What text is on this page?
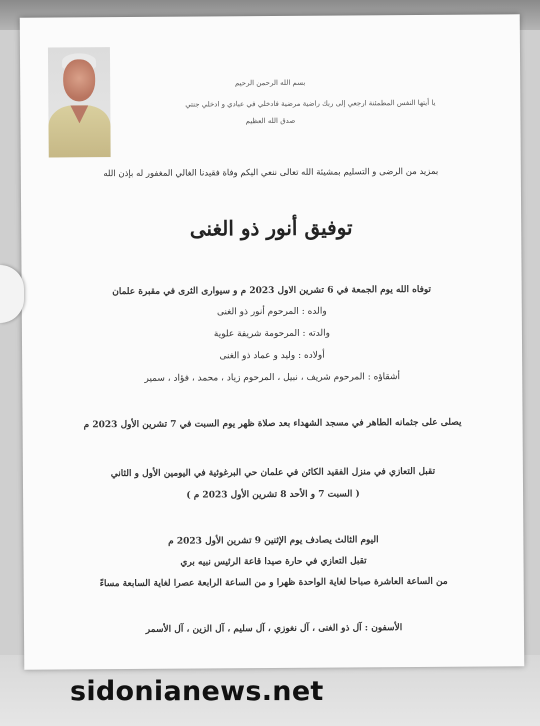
بسم الله الرحمن الرحيم
يا أيتها النفس المطمئنة ارجعي إلى ربك راضية مرضية فادخلي في عبادي و ادخلي جنتي
صدق الله العظيم
بمزيد من الرضى و التسليم بمشيئة الله تعالى ننعي اليكم وفاة فقيدنا الغالي المغفور له بإذن الله
توفيق أنور ذو الغنى
توفاه الله يوم الجمعة في 6 تشرين الاول 2023 م و سيوارى الثرى في مقبرة علمان
والده : المرحوم أنور ذو الغنى
والدته : المرحومة شريفة علوية
أولاده : وليد و عماد ذو الغنى
أشقاؤه : المرحوم شريف ، نبيل ، المرحوم زياد ، محمد ، فؤاد ، سمير
يصلى على جثمانه الطاهر في مسجد الشهداء بعد صلاة ظهر يوم السبت في 7 تشرين الأول 2023 م
تقبل التعازي في منزل الفقيد الكائن في علمان حي البرغوثية في اليومين الأول و الثاني
( السبت 7 و الأحد 8 تشرين الأول 2023 م )
اليوم الثالث يصادف يوم الإثنين 9 تشرين الأول 2023 م
تقبل التعازي في حارة صيدا قاعة الرئيس نبيه بري
من الساعة العاشرة صباحا لغاية الواحدة ظهرا و من الساعة الرابعة عصرا لغاية السابعة مساءً
الأسفون : آل ذو الغنى ، آل نغوزي ، آل سليم ، آل الزين ، آل الأسمر
sidonianews.net
